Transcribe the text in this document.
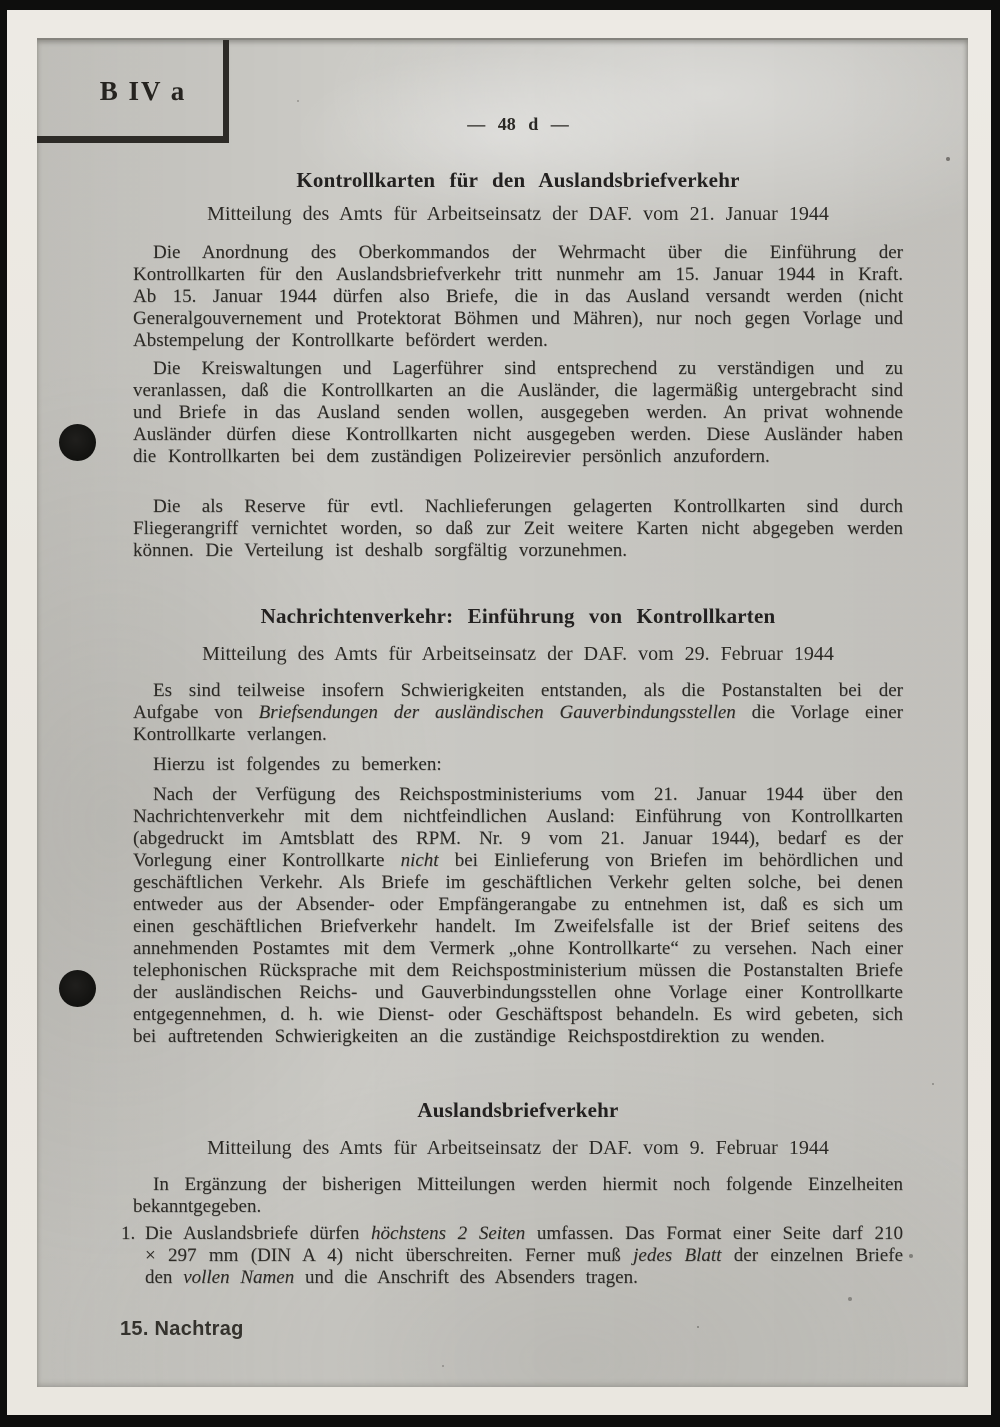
B IV a
— 48 d —
Kontrollkarten für den Auslandsbriefverkehr
Mitteilung des Amts für Arbeitseinsatz der DAF. vom 21. Januar 1944

Die Anordnung des Oberkommandos der Wehrmacht über die Einführung der Kontrollkarten für den Auslandsbriefverkehr tritt nunmehr am 15. Januar 1944 in Kraft. Ab 15. Januar 1944 dürfen also Briefe, die in das Ausland versandt werden (nicht Generalgouvernement und Protektorat Böhmen und Mähren), nur noch gegen Vorlage und Abstempelung der Kontrollkarte befördert werden.

Die Kreiswaltungen und Lagerführer sind entsprechend zu verständigen und zu veranlassen, daß die Kontrollkarten an die Ausländer, die lagermäßig untergebracht sind und Briefe in das Ausland senden wollen, ausgegeben werden. An privat wohnende Ausländer dürfen diese Kontrollkarten nicht ausgegeben werden. Diese Ausländer haben die Kontrollkarten bei dem zuständigen Polizeirevier persönlich anzufordern.

Die als Reserve für evtl. Nachlieferungen gelagerten Kontrollkarten sind durch Fliegerangriff vernichtet worden, so daß zur Zeit weitere Karten nicht abgegeben werden können. Die Verteilung ist deshalb sorgfältig vorzunehmen.

Nachrichtenverkehr: Einführung von Kontrollkarten
Mitteilung des Amts für Arbeitseinsatz der DAF. vom 29. Februar 1944

Es sind teilweise insofern Schwierigkeiten entstanden, als die Postanstalten bei der Aufgabe von Briefsendungen der ausländischen Gauverbindungsstellen die Vorlage einer Kontrollkarte verlangen.

Hierzu ist folgendes zu bemerken:

Nach der Verfügung des Reichspostministeriums vom 21. Januar 1944 über den Nachrichtenverkehr mit dem nichtfeindlichen Ausland: Einführung von Kontrollkarten (abgedruckt im Amtsblatt des RPM. Nr. 9 vom 21. Januar 1944), bedarf es der Vorlegung einer Kontrollkarte nicht bei Einlieferung von Briefen im behördlichen und geschäftlichen Verkehr. Als Briefe im geschäftlichen Verkehr gelten solche, bei denen entweder aus der Absender- oder Empfängerangabe zu entnehmen ist, daß es sich um einen geschäftlichen Briefverkehr handelt. Im Zweifelsfalle ist der Brief seitens des annehmenden Postamtes mit dem Vermerk „ohne Kontrollkarte“ zu versehen. Nach einer telephonischen Rücksprache mit dem Reichspostministerium müssen die Postanstalten Briefe der ausländischen Reichs- und Gauverbindungsstellen ohne Vorlage einer Kontrollkarte entgegennehmen, d. h. wie Dienst- oder Geschäftspost behandeln. Es wird gebeten, sich bei auftretenden Schwierigkeiten an die zuständige Reichspostdirektion zu wenden.

Auslandsbriefverkehr
Mitteilung des Amts für Arbeitseinsatz der DAF. vom 9. Februar 1944

In Ergänzung der bisherigen Mitteilungen werden hiermit noch folgende Einzelheiten bekanntgegeben.

1. Die Auslandsbriefe dürfen höchstens 2 Seiten umfassen. Das Format einer Seite darf 210 × 297 mm (DIN A 4) nicht überschreiten. Ferner muß jedes Blatt der einzelnen Briefe den vollen Namen und die Anschrift des Absenders tragen.
15. Nachtrag
